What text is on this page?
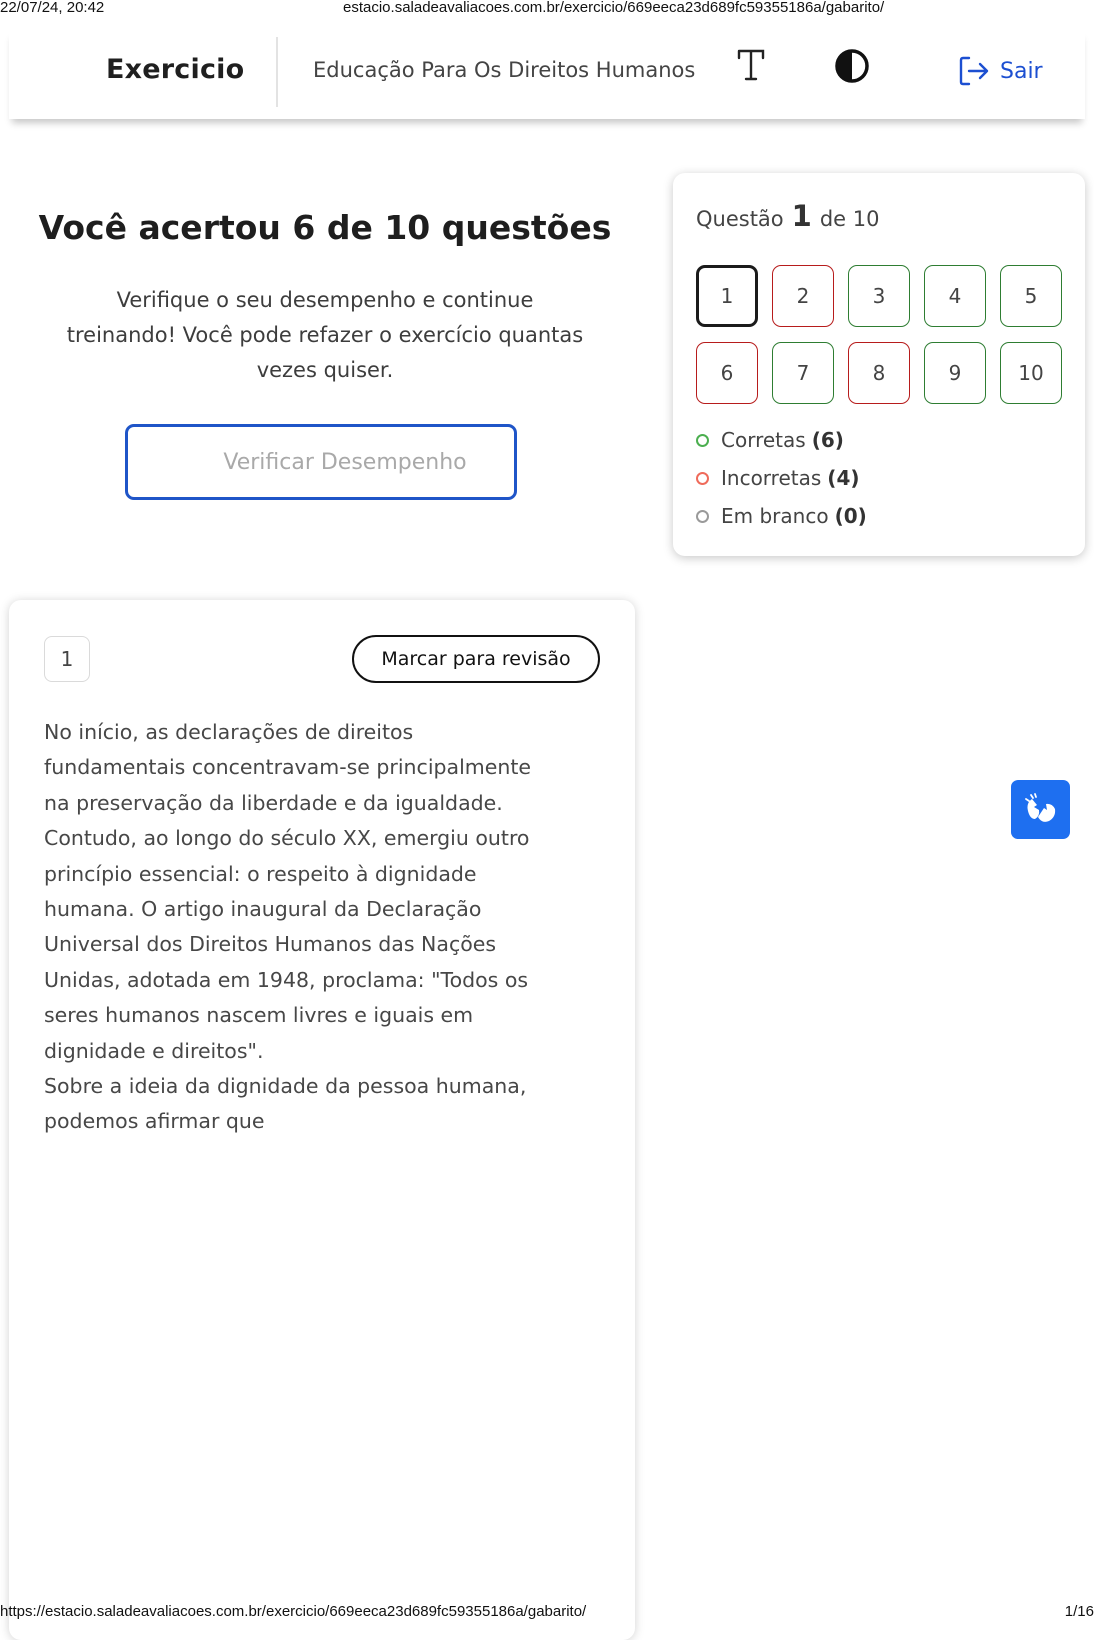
22/07/24, 20:42	estacio.saladeavaliacoes.com.br/exercicio/669eeca23d689fc59355186a/gabarito/
Exercicio	Educação Para Os Direitos Humanos	Sair
Você acertou 6 de 10 questões
Verifique o seu desempenho e continue
treinando! Você pode refazer o exercício quantas
vezes quiser.
Verificar Desempenho
Questão 1 de 10
1	2	3	4	5
6	7	8	9	10
Corretas (6)
Incorretas (4)
Em branco (0)
1	Marcar para revisão

No início, as declarações de direitos
fundamentais concentravam-se principalmente
na preservação da liberdade e da igualdade.
Contudo, ao longo do século XX, emergiu outro
princípio essencial: o respeito à dignidade
humana. O artigo inaugural da Declaração
Universal dos Direitos Humanos das Nações
Unidas, adotada em 1948, proclama: "Todos os
seres humanos nascem livres e iguais em
dignidade e direitos".

Sobre a ideia da dignidade da pessoa humana,
podemos afirmar que

https://estacio.saladeavaliacoes.com.br/exercicio/669eeca23d689fc59355186a/gabarito/	1/16
